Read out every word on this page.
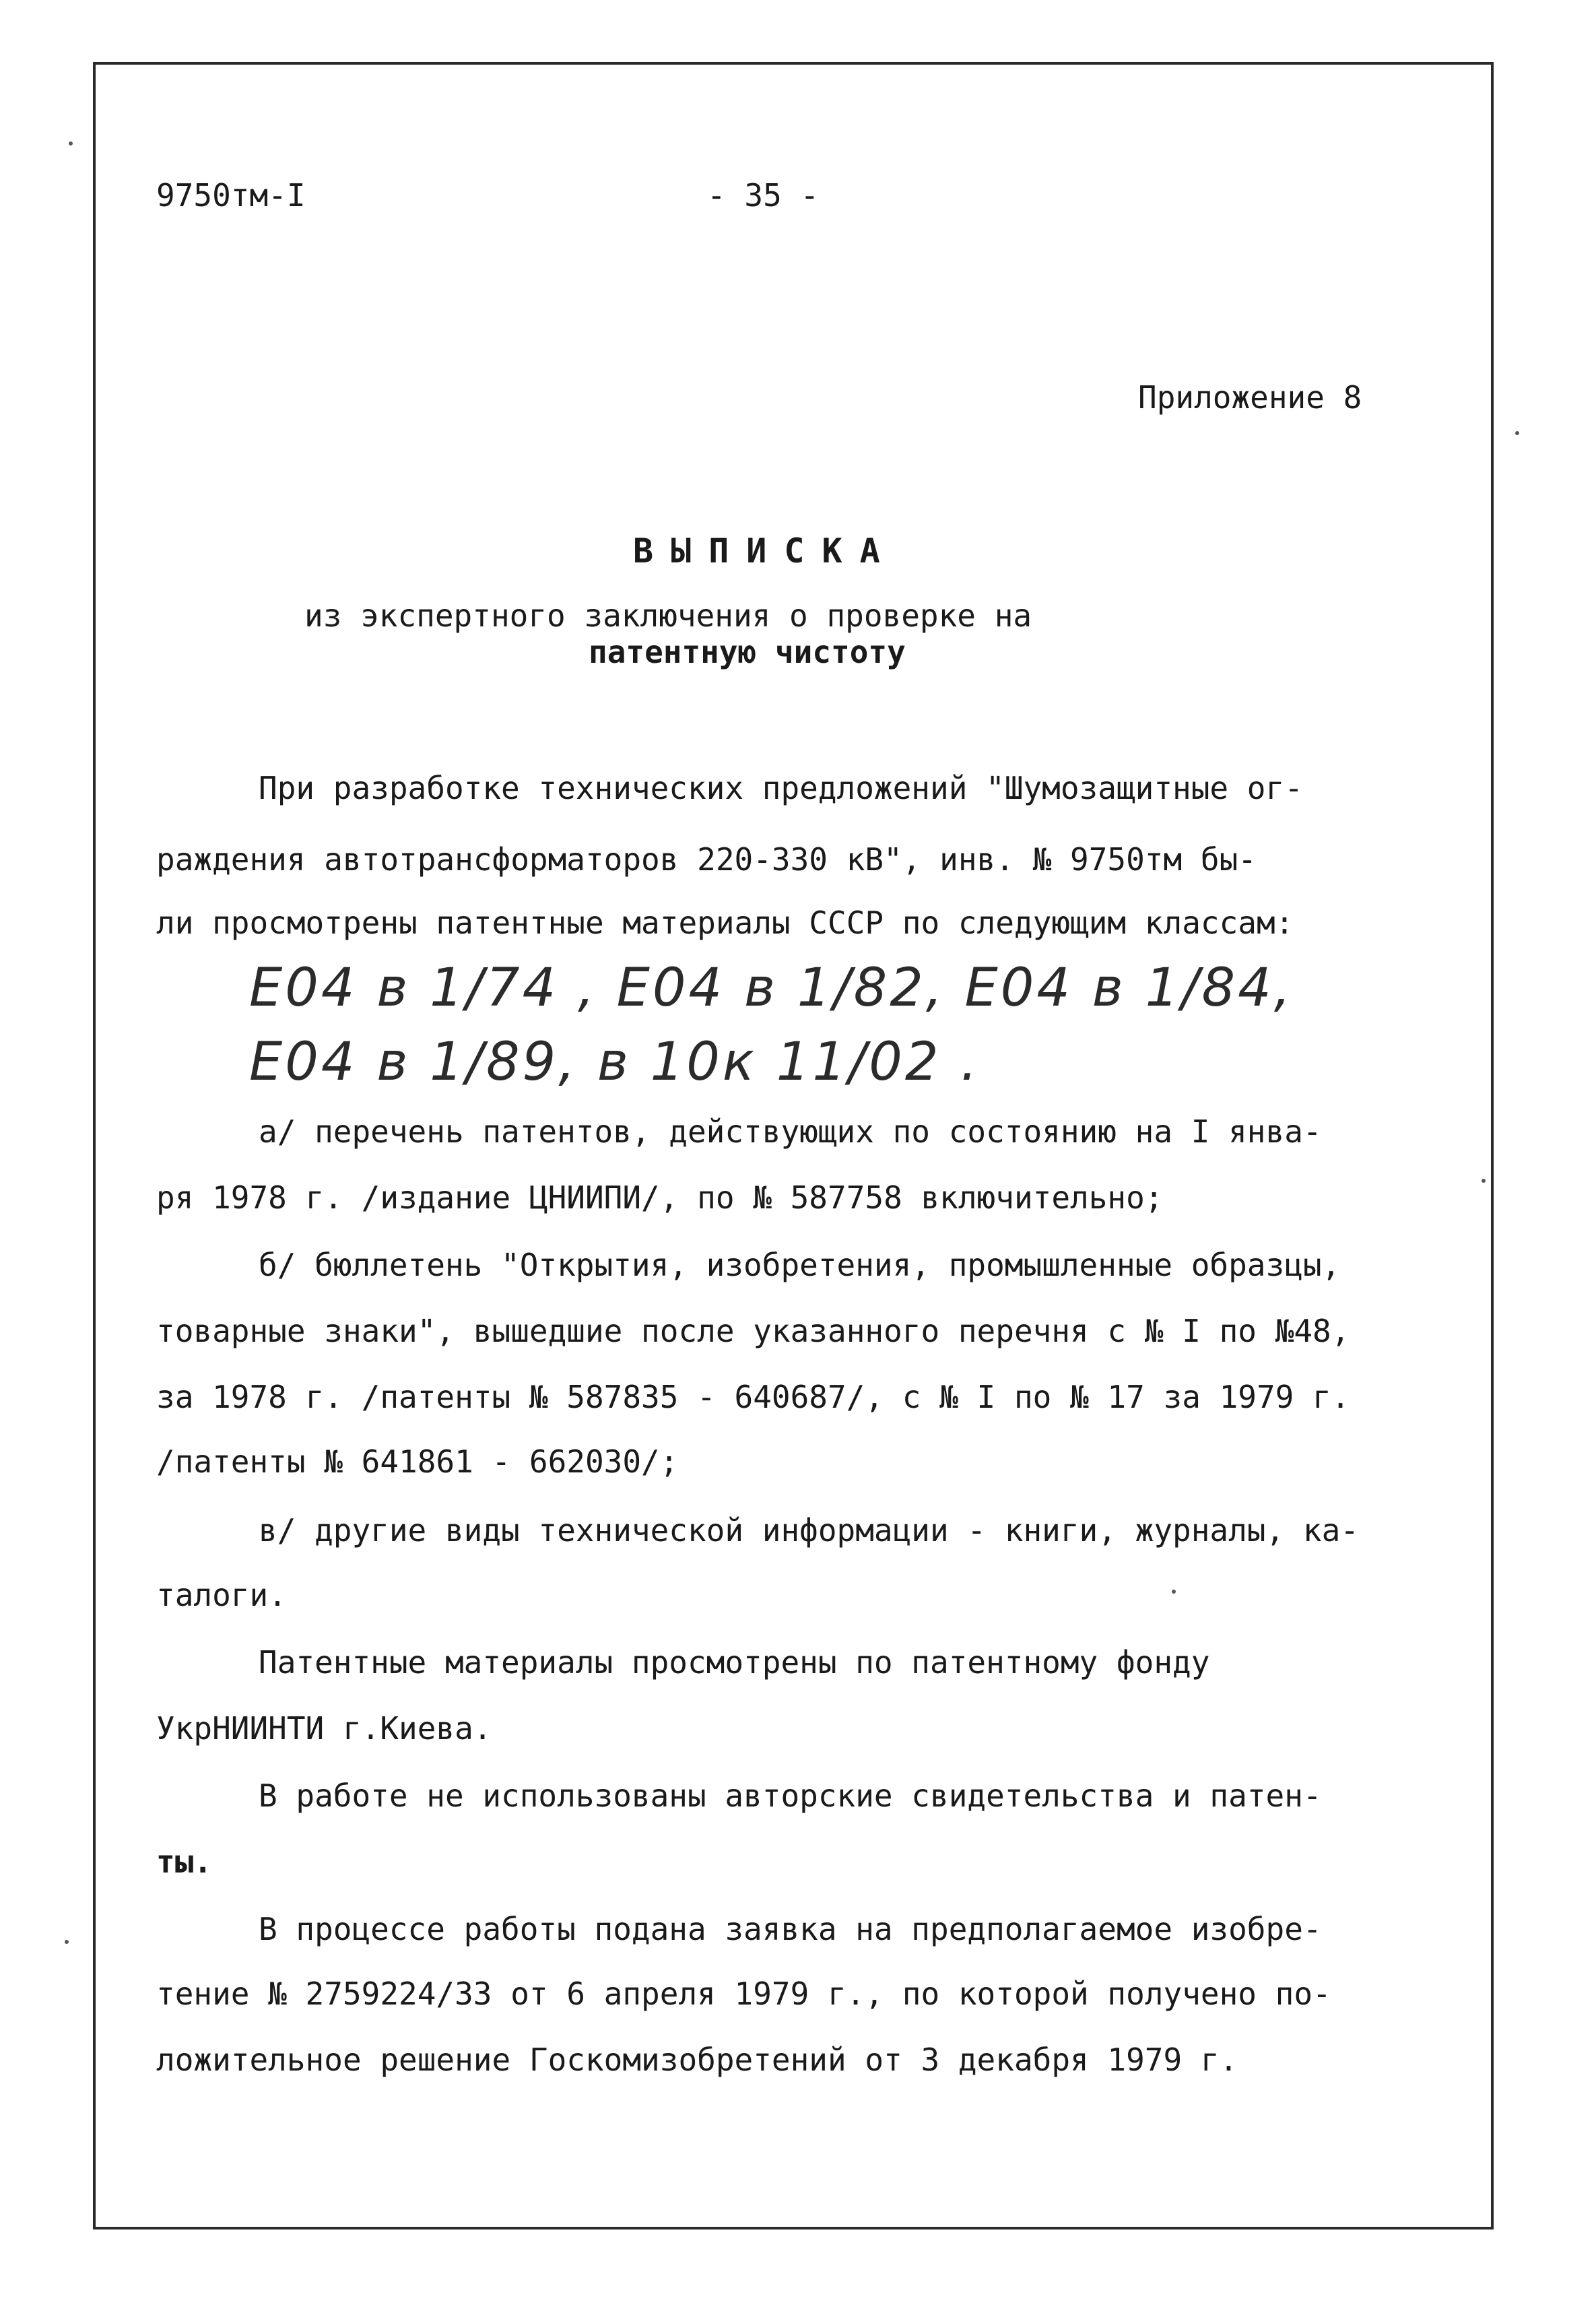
9750тм-I	- 35 -
Приложение 8
ВЫПИСКА
из экспертного заключения о проверке на
патентную чистоту
При разработке технических предложений "Шумозащитные ог-
раждения автотрансформаторов 220-330 кВ", инв. № 9750тм бы-
ли просмотрены патентные материалы СССР по следующим классам:
Е04 в 1/74 , Е04 в 1/82, Е04 в 1/84,
Е04 в 1/89, в 10к 11/02 .
а/ перечень патентов, действующих по состоянию на I янва-
ря 1978 г. /издание ЦНИИПИ/, по № 587758 включительно;
б/ бюллетень "Открытия, изобретения, промышленные образцы,
товарные знаки", вышедшие после указанного перечня с № I по №48,
за 1978 г. /патенты № 587835 - 640687/, с № I по № 17 за 1979 г.
/патенты № 641861 - 662030/;
в/ другие виды технической информации - книги, журналы, ка-
талоги.
Патентные материалы просмотрены по патентному фонду
УкрНИИНТИ г.Киева.
В работе не использованы авторские свидетельства и патен-
ты.
В процессе работы подана заявка на предполагаемое изобре-
тение № 2759224/33 от 6 апреля 1979 г., по которой получено по-
ложительное решение Госкомизобретений от 3 декабря 1979 г.
